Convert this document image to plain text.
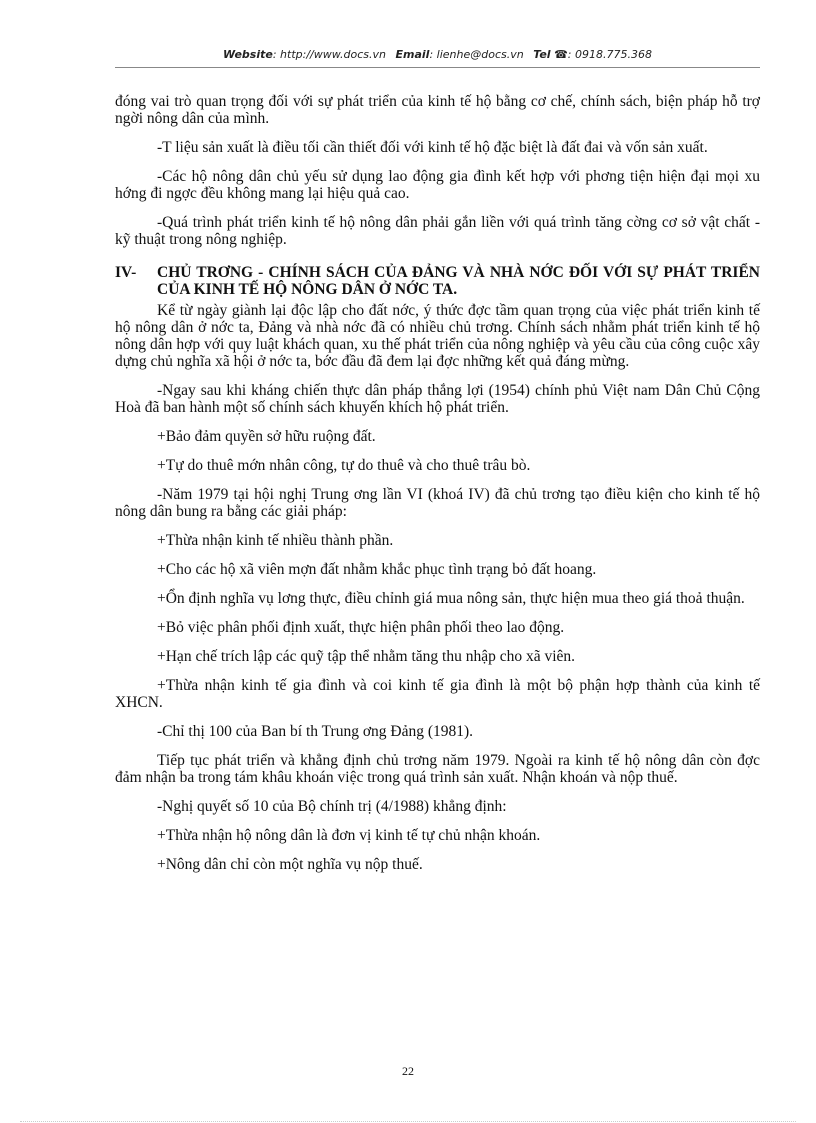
Website: http://www.docs.vn Email: lienhe@docs.vn Tel ☎: 0918.775.368

đóng vai trò quan trọng đối với sự phát triển của kinh tế hộ bằng cơ chế, chính sách, biện pháp hỗ trợ ngời nông dân của mình.

-T liệu sản xuất là điều tối cần thiết đối với kinh tế hộ đặc biệt là đất đai và vốn sản xuất.

-Các hộ nông dân chủ yếu sử dụng lao động gia đình kết hợp với phơng tiện hiện đại mọi xu hớng đi ngợc đều không mang lại hiệu quả cao.

-Quá trình phát triển kinh tế hộ nông dân phải gắn liền với quá trình tăng cờng cơ sở vật chất - kỹ thuật trong nông nghiệp.

IV-	CHỦ TRƠNG - CHÍNH SÁCH CỦA ĐẢNG VÀ NHÀ NỚC ĐỐI VỚI SỰ PHÁT TRIỂN CỦA KINH TẾ HỘ NÔNG DÂN Ở NỚC TA.

Kể từ ngày giành lại độc lập cho đất nớc, ý thức đợc tầm quan trọng của việc phát triển kinh tế hộ nông dân ở nớc ta, Đảng và nhà nớc đã có nhiều chủ trơng. Chính sách nhằm phát triển kinh tế hộ nông dân hợp với quy luật khách quan, xu thế phát triển của nông nghiệp và yêu cầu của công cuộc xây dựng chủ nghĩa xã hội ở nớc ta, bớc đầu đã đem lại đợc những kết quả đáng mừng.

-Ngay sau khi kháng chiến thực dân pháp thắng lợi (1954) chính phủ Việt nam Dân Chủ Cộng Hoà đã ban hành một số chính sách khuyến khích hộ phát triển.

+Bảo đảm quyền sở hữu ruộng đất.

+Tự do thuê mớn nhân công, tự do thuê và cho thuê trâu bò.

-Năm 1979 tại hội nghị Trung ơng lần VI (khoá IV) đã chủ trơng tạo điều kiện cho kinh tế hộ nông dân bung ra bằng các giải pháp:

+Thừa nhận kinh tế nhiều thành phần.

+Cho các hộ xã viên mợn đất nhằm khắc phục tình trạng bỏ đất hoang.

+Ổn định nghĩa vụ lơng thực, điều chỉnh giá mua nông sản, thực hiện mua theo giá thoả thuận.

+Bỏ việc phân phối định xuất, thực hiện phân phối theo lao động.

+Hạn chế trích lập các quỹ tập thể nhằm tăng thu nhập cho xã viên.

+Thừa nhận kinh tế gia đình và coi kinh tế gia đình là một bộ phận hợp thành của kinh tế XHCN.

-Chỉ thị 100 của Ban bí th Trung ơng Đảng (1981).

Tiếp tục phát triển và khẳng định chủ trơng năm 1979. Ngoài ra kinh tế hộ nông dân còn đợc đảm nhận ba trong tám khâu khoán việc trong quá trình sản xuất. Nhận khoán và nộp thuế.

-Nghị quyết số 10 của Bộ chính trị (4/1988) khẳng định:

+Thừa nhận hộ nông dân là đơn vị kinh tế tự chủ nhận khoán.

+Nông dân chỉ còn một nghĩa vụ nộp thuế.

22
